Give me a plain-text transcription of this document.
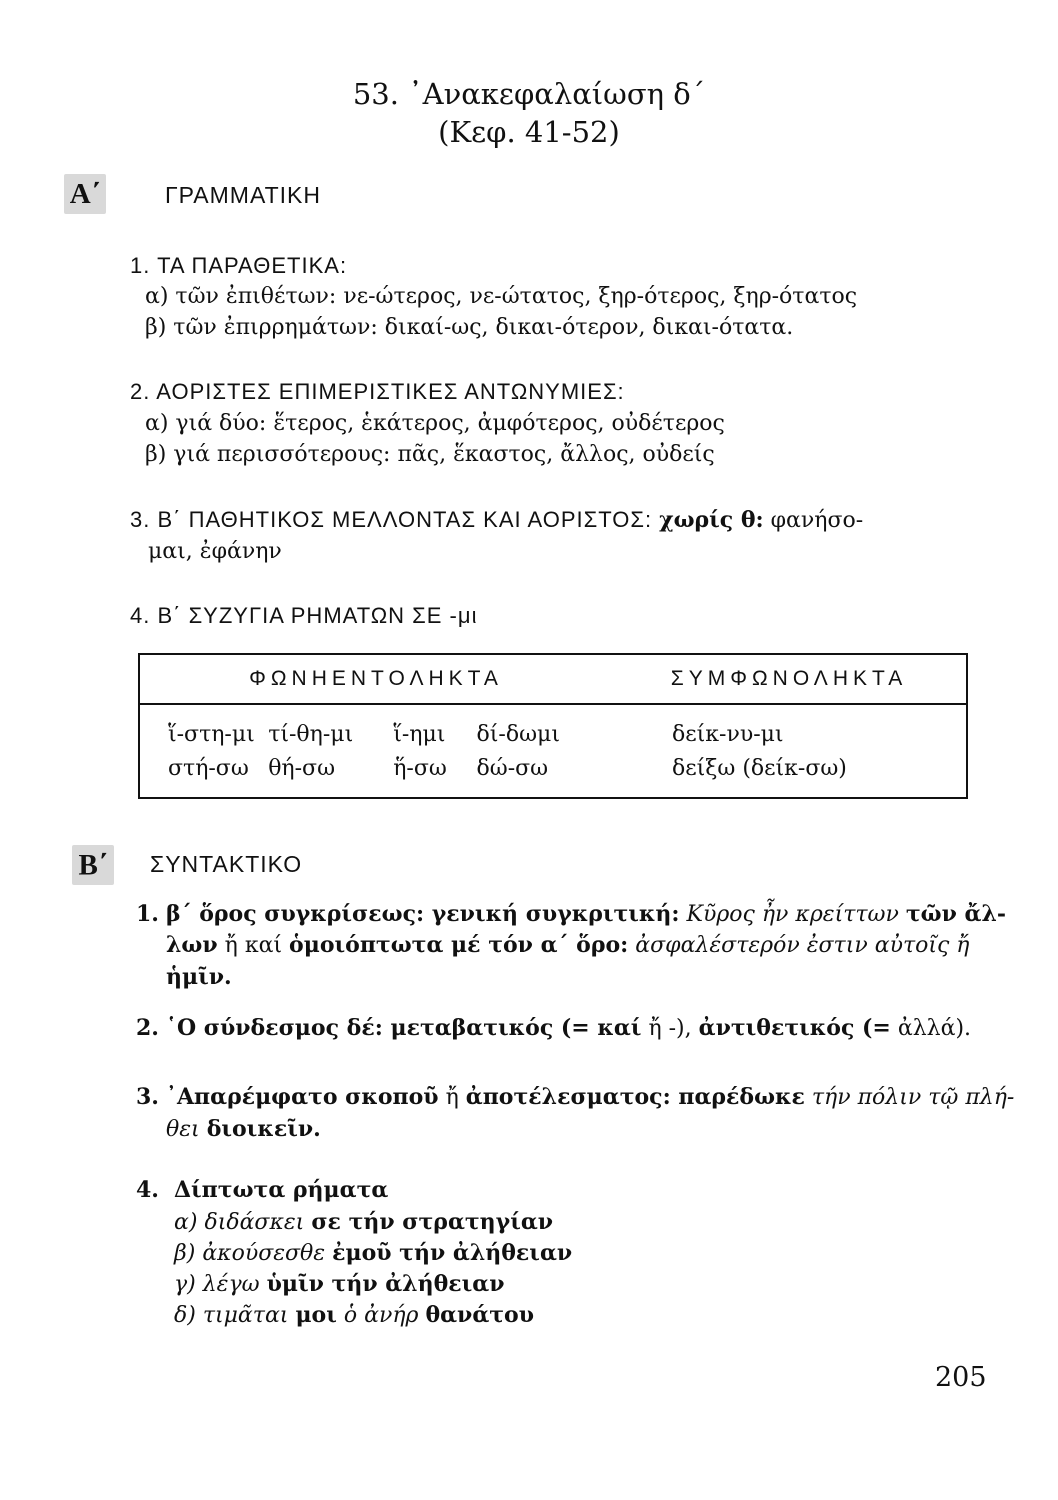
53. ᾿Ανακεφαλαίωση δ΄
(Κεφ. 41-52)
Α΄	ΓΡΑΜΜΑΤΙΚΗ
1. ΤΑ ΠΑΡΑΘΕΤΙΚΑ:
α) τῶν ἐπιθέτων: νε-ώτερος, νε-ώτατος, ξηρ-ότερος, ξηρ-ότατος
β) τῶν ἐπιρρημάτων: δικαί-ως, δικαι-ότερον, δικαι-ότατα.
2. ΑΟΡΙΣΤΕΣ ΕΠΙΜΕΡΙΣΤΙΚΕΣ ΑΝΤΩΝΥΜΙΕΣ:
α) γιά δύο: ἕτερος, ἑκάτερος, ἀμφότερος, οὐδέτερος
β) γιά περισσότερους: πᾶς, ἕκαστος, ἄλλος, οὐδείς
3. Β΄ ΠΑΘΗΤΙΚΟΣ ΜΕΛΛΟΝΤΑΣ ΚΑΙ ΑΟΡΙΣΤΟΣ: χωρίς θ: φανήσο-
μαι, ἐφάνην
4. Β΄ ΣΥΖΥΓΙΑ ΡΗΜΑΤΩΝ ΣΕ -μι
ΦΩΝΗΕΝΤΟΛΗΚΤΑ				ΣΥΜΦΩΝΟΛΗΚΤΑ
ἵ-στη-μι	τί-θη-μι	ἵ-ημι	δί-δωμι	δείκ-νυ-μι
στή-σω	θή-σω	ἥ-σω	δώ-σω	δείξω (δείκ-σω)
Β΄ ΣΥΝΤΑΚΤΙΚΟ
1. β΄ ὅρος συγκρίσεως: γενική συγκριτική: Κῦρος ἦν κρείττων τῶν ἄλ-
λων ἤ καί ὁμοιόπτωτα μέ τόν α΄ ὅρο: ἀσφαλέστερόν ἐστιν αὐτοῖς ἤ
ἡμῖν.
2. ῾Ο σύνδεσμος δέ: μεταβατικός (= καί ἤ -), ἀντιθετικός (= ἀλλά).
3. ᾿Απαρέμφατο σκοποῦ ἤ ἀποτέλεσματος: παρέδωκε τήν πόλιν τῷ πλή-
θει διοικεῖν.
4. Δίπτωτα ρήματα
α) διδάσκει σε τήν στρατηγίαν
β) ἀκούσεσθε ἐμοῦ τήν ἀλήθειαν
γ) λέγω ὑμῖν τήν ἀλήθειαν
δ) τιμᾶται μοι ὁ ἀνήρ θανάτου
205
